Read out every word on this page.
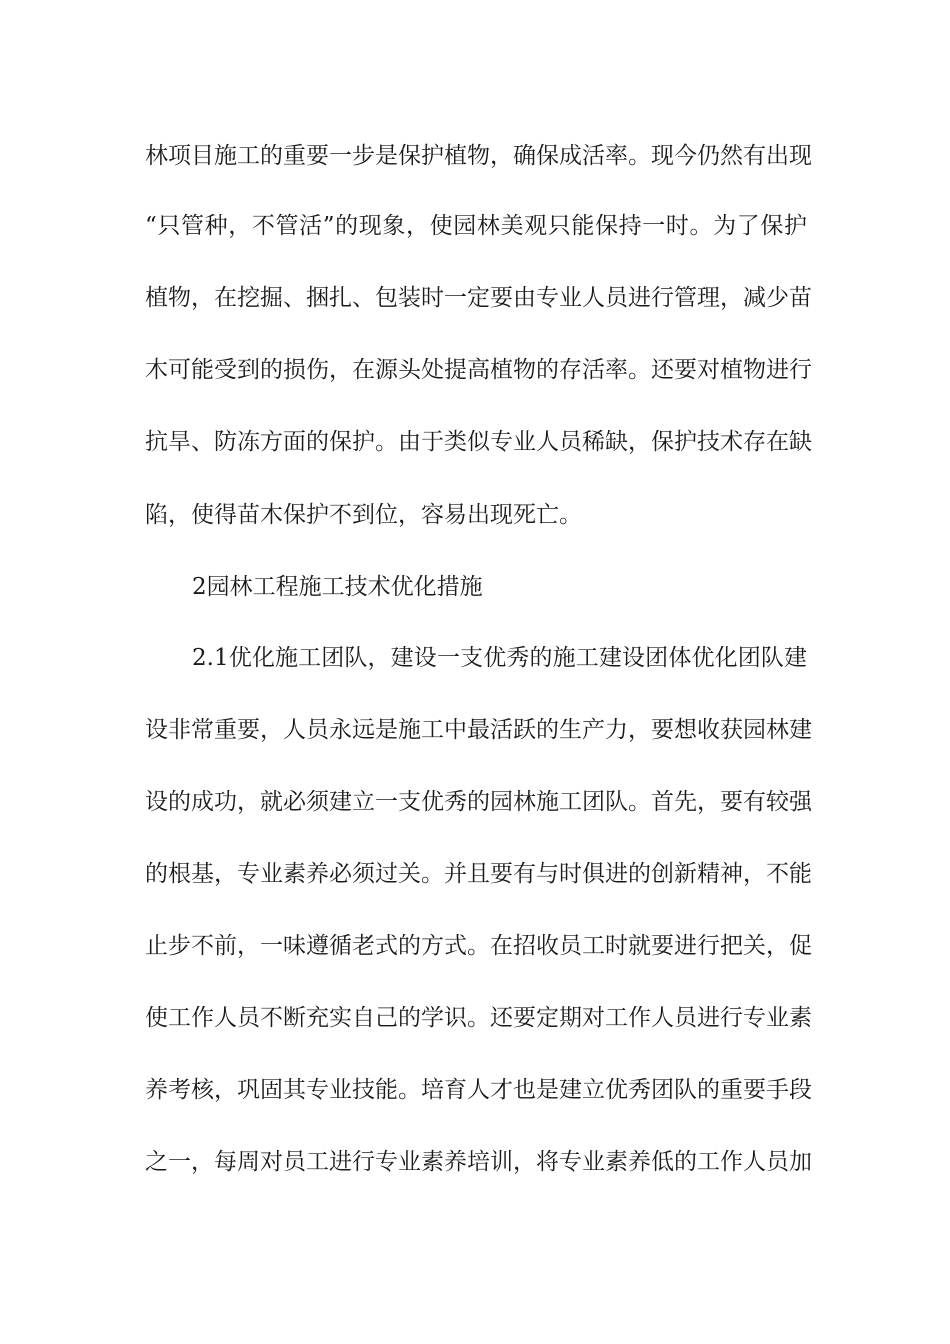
林项目施工的重要一步是保护植物，确保成活率。现今仍然有出现
“只管种，不管活”的现象，使园林美观只能保持一时。为了保护
植物，在挖掘、捆扎、包装时一定要由专业人员进行管理，减少苗
木可能受到的损伤，在源头处提高植物的存活率。还要对植物进行
抗旱、防冻方面的保护。由于类似专业人员稀缺，保护技术存在缺
陷，使得苗木保护不到位，容易出现死亡。
2园林工程施工技术优化措施
2.1优化施工团队，建设一支优秀的施工建设团体优化团队建
设非常重要，人员永远是施工中最活跃的生产力，要想收获园林建
设的成功，就必须建立一支优秀的园林施工团队。首先，要有较强
的根基，专业素养必须过关。并且要有与时俱进的创新精神，不能
止步不前，一味遵循老式的方式。在招收员工时就要进行把关，促
使工作人员不断充实自己的学识。还要定期对工作人员进行专业素
养考核，巩固其专业技能。培育人才也是建立优秀团队的重要手段
之一，每周对员工进行专业素养培训，将专业素养低的工作人员加
